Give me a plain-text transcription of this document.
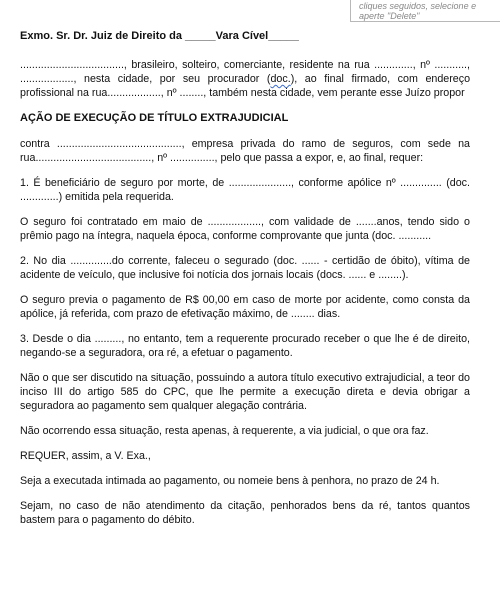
cliques seguidos, selecione e
aperte "Delete"

Exmo. Sr. Dr. Juiz de Direito da _____Vara Cível_____

..................................., brasileiro, solteiro, comerciante, residente na rua ............., nº ..........., .................., nesta cidade, por seu procurador (doc.), ao final firmado, com endereço profissional na rua.................., nº ........, também nesta cidade, vem perante esse Juízo propor

AÇÃO DE EXECUÇÃO DE TÍTULO EXTRAJUDICIAL

contra .........................................., empresa privada do ramo de seguros, com sede na rua......................................., nº ..............., pelo que passa a expor, e, ao final, requer:

1. É beneficiário de seguro por morte, de ....................., conforme apólice nº .............. (doc. .............) emitida pela requerida.

O seguro foi contratado em maio de .................., com validade de .......anos, tendo sido o prêmio pago na íntegra, naquela época, conforme comprovante que junta (doc. ...........

2. No dia ..............do corrente, faleceu o segurado (doc. ...... - certidão de óbito), vítima de acidente de veículo, que inclusive foi notícia dos jornais locais (docs. ...... e ........).

O seguro previa o pagamento de R$ 00,00 em caso de morte por acidente, como consta da apólice, já referida, com prazo de efetivação máximo, de ........ dias.

3. Desde o dia ........., no entanto, tem a requerente procurado receber o que lhe é de direito, negando-se a seguradora, ora ré, a efetuar o pagamento.

Não o que ser discutido na situação, possuindo a autora título executivo extrajudicial, a teor do inciso III do artigo 585 do CPC, que lhe permite a execução direta e devia obrigar a seguradora ao pagamento sem qualquer alegação contrária.

Não ocorrendo essa situação, resta apenas, à requerente, a via judicial, o que ora faz.

REQUER, assim, a V. Exa.,

Seja a executada intimada ao pagamento, ou nomeie bens à penhora, no prazo de 24 h.

Sejam, no caso de não atendimento da citação, penhorados bens da ré, tantos quantos bastem para o pagamento do débito.
